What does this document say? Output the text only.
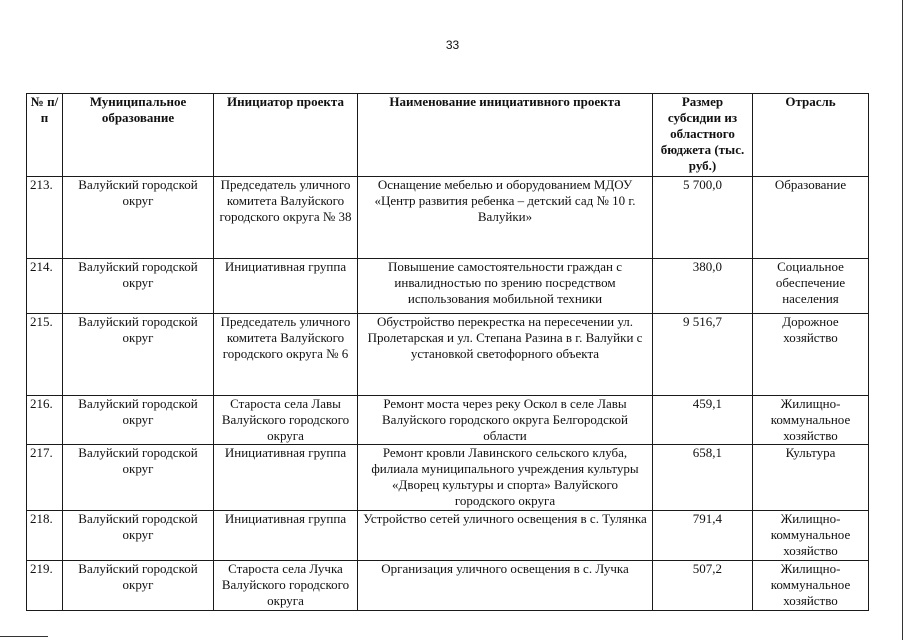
33
№ п/п	Муниципальное образование	Инициатор проекта	Наименование инициативного проекта	Размер субсидии из областного бюджета (тыс. руб.)	Отрасль
213.	Валуйский городской округ	Председатель уличного комитета Валуйского городского округа № 38	Оснащение мебелью и оборудованием МДОУ «Центр развития ребенка – детский сад № 10 г. Валуйки»	5 700,0	Образование
214.	Валуйский городской округ	Инициативная группа	Повышение самостоятельности граждан с инвалидностью по зрению посредством использования мобильной техники	380,0	Социальное обеспечение населения
215.	Валуйский городской округ	Председатель уличного комитета Валуйского городского округа № 6	Обустройство перекрестка на пересечении ул. Пролетарская и ул. Степана Разина в г. Валуйки с установкой светофорного объекта	9 516,7	Дорожное хозяйство
216.	Валуйский городской округ	Староста села Лавы Валуйского городского округа	Ремонт моста через реку Оскол в селе Лавы Валуйского городского округа Белгородской области	459,1	Жилищно-коммунальное хозяйство
217.	Валуйский городской округ	Инициативная группа	Ремонт кровли Лавинского сельского клуба, филиала муниципального учреждения культуры «Дворец культуры и спорта» Валуйского городского округа	658,1	Культура
218.	Валуйский городской округ	Инициативная группа	Устройство сетей уличного освещения в с. Тулянка	791,4	Жилищно-коммунальное хозяйство
219.	Валуйский городской округ	Староста села Лучка Валуйского городского округа	Организация уличного освещения в с. Лучка	507,2	Жилищно-коммунальное хозяйство
